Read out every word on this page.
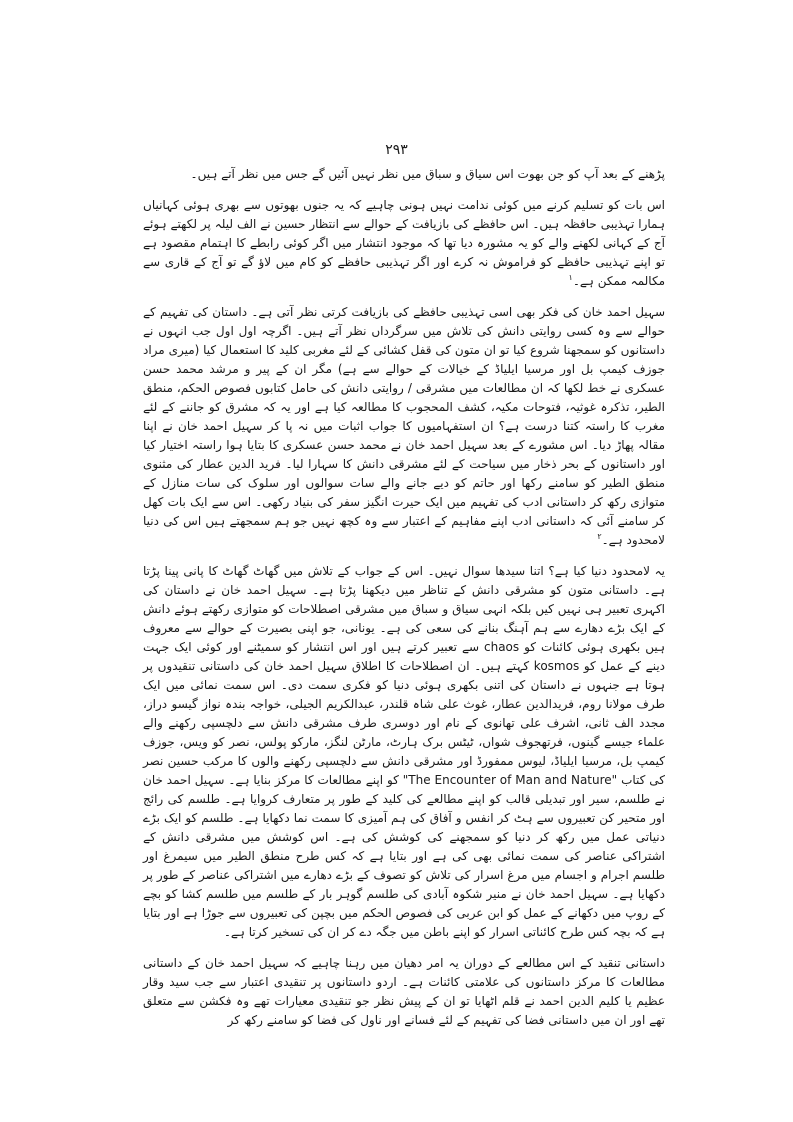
۲۹۳

پڑھنے کے بعد آپ کو جن بھوت اس سیاق و سباق میں نظر نہیں آئیں گے جس میں نظر آتے ہیں۔

اس بات کو تسلیم کرنے میں کوئی ندامت نہیں ہونی چاہیے کہ یہ جنوں بھوتوں سے بھری ہوئی کہانیاں ہمارا تہذیبی حافظہ ہیں۔ اس حافظے کی بازیافت کے حوالے سے انتظار حسین نے الف لیلہ پر لکھتے ہوئے آج کے کہانی لکھنے والے کو یہ مشورہ دیا تھا کہ موجود انتشار میں اگر کوئی رابطے کا اہتمام مقصود ہے تو اپنے تہذیبی حافظے کو فراموش نہ کرے اور اگر تہذیبی حافظے کو کام میں لاؤ گے تو آج کے قاری سے مکالمہ ممکن ہے۔$^۱$

سہیل احمد خان کی فکر بھی اسی تہذیبی حافظے کی بازیافت کرتی نظر آتی ہے۔ داستان کی تفہیم کے حوالے سے وہ کسی روایتی دانش کی تلاش میں سرگرداں نظر آتے ہیں۔ اگرچہ اول اول جب انہوں نے داستانوں کو سمجھنا شروع کیا تو ان متون کی قفل کشائی کے لئے مغربی کلید کا استعمال کیا (میری مراد جوزف کیمپ بل اور مرسیا ایلیاڈ کے خیالات کے حوالے سے ہے) مگر ان کے پیر و مرشد محمد حسن عسکری نے خط لکھا کہ ان مطالعات میں مشرقی / روایتی دانش کی حامل کتابوں فصوص الحکم، منطق الطیر، تذکرہ غوثیہ، فتوحات مکیہ، کشف المحجوب کا مطالعہ کیا ہے اور یہ کہ مشرق کو جاننے کے لئے مغرب کا راستہ کتنا درست ہے؟ ان استفہامیوں کا جواب اثبات میں نہ پا کر سہیل احمد خان نے اپنا مقالہ پھاڑ دیا۔ اس مشورے کے بعد سہیل احمد خان نے محمد حسن عسکری کا بتایا ہوا راستہ اختیار کیا اور داستانوں کے بحر ذخار میں سیاحت کے لئے مشرقی دانش کا سہارا لیا۔ فرید الدین عطار کی مثنوی منطق الطیر کو سامنے رکھا اور حاتم کو دیے جانے والے سات سوالوں اور سلوک کی سات منازل کے متوازی رکھ کر داستانی ادب کی تفہیم میں ایک حیرت انگیز سفر کی بنیاد رکھی۔ اس سے ایک بات کھل کر سامنے آئی کہ داستانی ادب اپنے مفاہیم کے اعتبار سے وہ کچھ نہیں جو ہم سمجھتے ہیں اس کی دنیا لامحدود ہے۔$^۲$

یہ لامحدود دنیا کیا ہے؟ اتنا سیدھا سوال نہیں۔ اس کے جواب کے تلاش میں گھاٹ گھاٹ کا پانی پینا پڑتا ہے۔ داستانی متون کو مشرقی دانش کے تناظر میں دیکھنا پڑتا ہے۔ سہیل احمد خان نے داستان کی اکہری تعبیر ہی نہیں کیں بلکہ انہی سیاق و سباق میں مشرقی اصطلاحات کو متوازی رکھتے ہوئے دانش کے ایک بڑے دھارے سے ہم آہنگ بنانے کی سعی کی ہے۔ یونانی، جو اپنی بصیرت کے حوالے سے معروف ہیں بکھری ہوئی کائنات کو chaos سے تعبیر کرتے ہیں اور اس انتشار کو سمیٹنے اور کوئی ایک جہت دینے کے عمل کو kosmos کہتے ہیں۔ ان اصطلاحات کا اطلاق سہیل احمد خان کی داستانی تنقیدوں پر ہوتا ہے جنہوں نے داستان کی اتنی بکھری ہوئی دنیا کو فکری سمت دی۔ اس سمت نمائی میں ایک طرف مولانا روم، فریدالدین عطار، غوث علی شاہ قلندر، عبدالکریم الجیلی، خواجہ بندہ نواز گیسو دراز، مجدد الف ثانی، اشرف علی تھانوی کے نام اور دوسری طرف مشرقی دانش سے دلچسپی رکھنے والے علماء جیسے گینوں، فرتھجوف شواں، ٹیٹس برک ہارٹ، مارٹن لنگز، مارکو پولس، نصر کو ویس، جوزف کیمپ بل، مرسیا ایلیاڈ، لیوس ممفورڈ اور مشرقی دانش سے دلچسپی رکھنے والوں کا مرکب حسین نصر کی کتاب "The Encounter of Man and Nature" کو اپنے مطالعات کا مرکز بنایا ہے۔ سہیل احمد خان نے طلسم، سیر اور تبدیلی قالب کو اپنے مطالعے کی کلید کے طور پر متعارف کروایا ہے۔ طلسم کی رائج اور متحیر کن تعبیروں سے ہٹ کر انفس و آفاق کی ہم آمیزی کا سمت نما دکھایا ہے۔ طلسم کو ایک بڑے دنیاتی عمل میں رکھ کر دنیا کو سمجھنے کی کوشش کی ہے۔ اس کوشش میں مشرقی دانش کے اشتراکی عناصر کی سمت نمائی بھی کی ہے اور بتایا ہے کہ کس طرح منطق الطیر میں سیمرغ اور طلسم اجرام و اجسام میں مرغ اسرار کی تلاش کو تصوف کے بڑے دھارے میں اشتراکی عناصر کے طور پر دکھایا ہے۔ سہیل احمد خان نے منیر شکوہ آبادی کی طلسم گوہر بار کے طلسم میں طلسم کشا کو بچے کے روپ میں دکھانے کے عمل کو ابن عربی کی فصوص الحکم میں بچپن کی تعبیروں سے جوڑا ہے اور بتایا ہے کہ بچہ کس طرح کائناتی اسرار کو اپنے باطن میں جگہ دے کر ان کی تسخیر کرتا ہے۔

داستانی تنقید کے اس مطالعے کے دوران یہ امر دھیان میں رہنا چاہیے کہ سہیل احمد خان کے داستانی مطالعات کا مرکز داستانوں کی علامتی کائنات ہے۔ اردو داستانوں پر تنقیدی اعتبار سے جب سید وقار عظیم یا کلیم الدین احمد نے قلم اٹھایا تو ان کے پیش نظر جو تنقیدی معیارات تھے وہ فکشن سے متعلق تھے اور ان میں داستانی فضا کی تفہیم کے لئے فسانے اور ناول کی فضا کو سامنے رکھ کر
